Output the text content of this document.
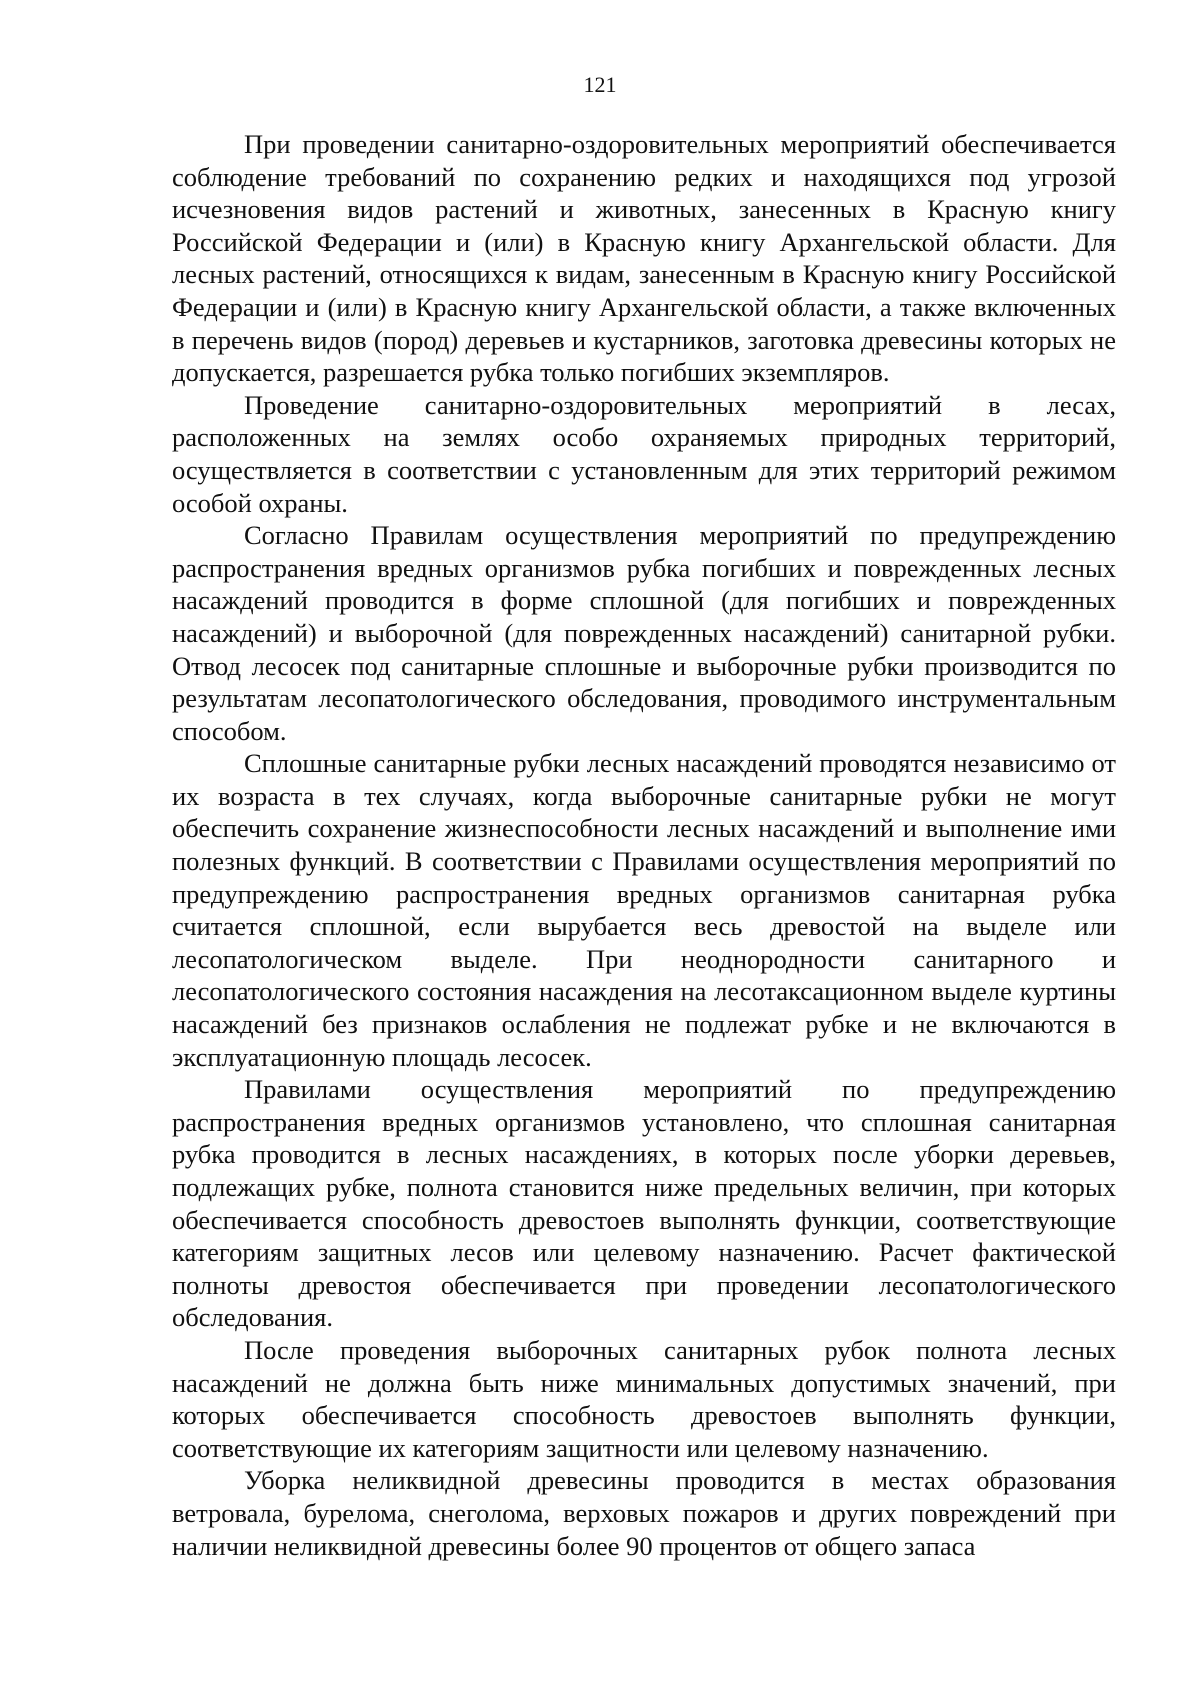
121

При проведении санитарно-оздоровительных мероприятий обеспечивается соблюдение требований по сохранению редких и находящихся под угрозой исчезновения видов растений и животных, занесенных в Красную книгу Российской Федерации и (или) в Красную книгу Архангельской области. Для лесных растений, относящихся к видам, занесенным в Красную книгу Российской Федерации и (или) в Красную книгу Архангельской области, а также включенных в перечень видов (пород) деревьев и кустарников, заготовка древесины которых не допускается, разрешается рубка только погибших экземпляров.

Проведение санитарно-оздоровительных мероприятий в лесах, расположенных на землях особо охраняемых природных территорий, осуществляется в соответствии с установленным для этих территорий режимом особой охраны.

Согласно Правилам осуществления мероприятий по предупреждению распространения вредных организмов рубка погибших и поврежденных лесных насаждений проводится в форме сплошной (для погибших и поврежденных насаждений) и выборочной (для поврежденных насаждений) санитарной рубки. Отвод лесосек под санитарные сплошные и выборочные рубки производится по результатам лесопатологического обследования, проводимого инструментальным способом.

Сплошные санитарные рубки лесных насаждений проводятся независимо от их возраста в тех случаях, когда выборочные санитарные рубки не могут обеспечить сохранение жизнеспособности лесных насаждений и выполнение ими полезных функций. В соответствии с Правилами осуществления мероприятий по предупреждению распространения вредных организмов санитарная рубка считается сплошной, если вырубается весь древостой на выделе или лесопатологическом выделе. При неоднородности санитарного и лесопатологического состояния насаждения на лесотаксационном выделе куртины насаждений без признаков ослабления не подлежат рубке и не включаются в эксплуатационную площадь лесосек.

Правилами осуществления мероприятий по предупреждению распространения вредных организмов установлено, что сплошная санитарная рубка проводится в лесных насаждениях, в которых после уборки деревьев, подлежащих рубке, полнота становится ниже предельных величин, при которых обеспечивается способность древостоев выполнять функции, соответствующие категориям защитных лесов или целевому назначению. Расчет фактической полноты древостоя обеспечивается при проведении лесопатологического обследования.

После проведения выборочных санитарных рубок полнота лесных насаждений не должна быть ниже минимальных допустимых значений, при которых обеспечивается способность древостоев выполнять функции, соответствующие их категориям защитности или целевому назначению.

Уборка неликвидной древесины проводится в местах образования ветровала, бурелома, снеголома, верховых пожаров и других повреждений при наличии неликвидной древесины более 90 процентов от общего запаса
